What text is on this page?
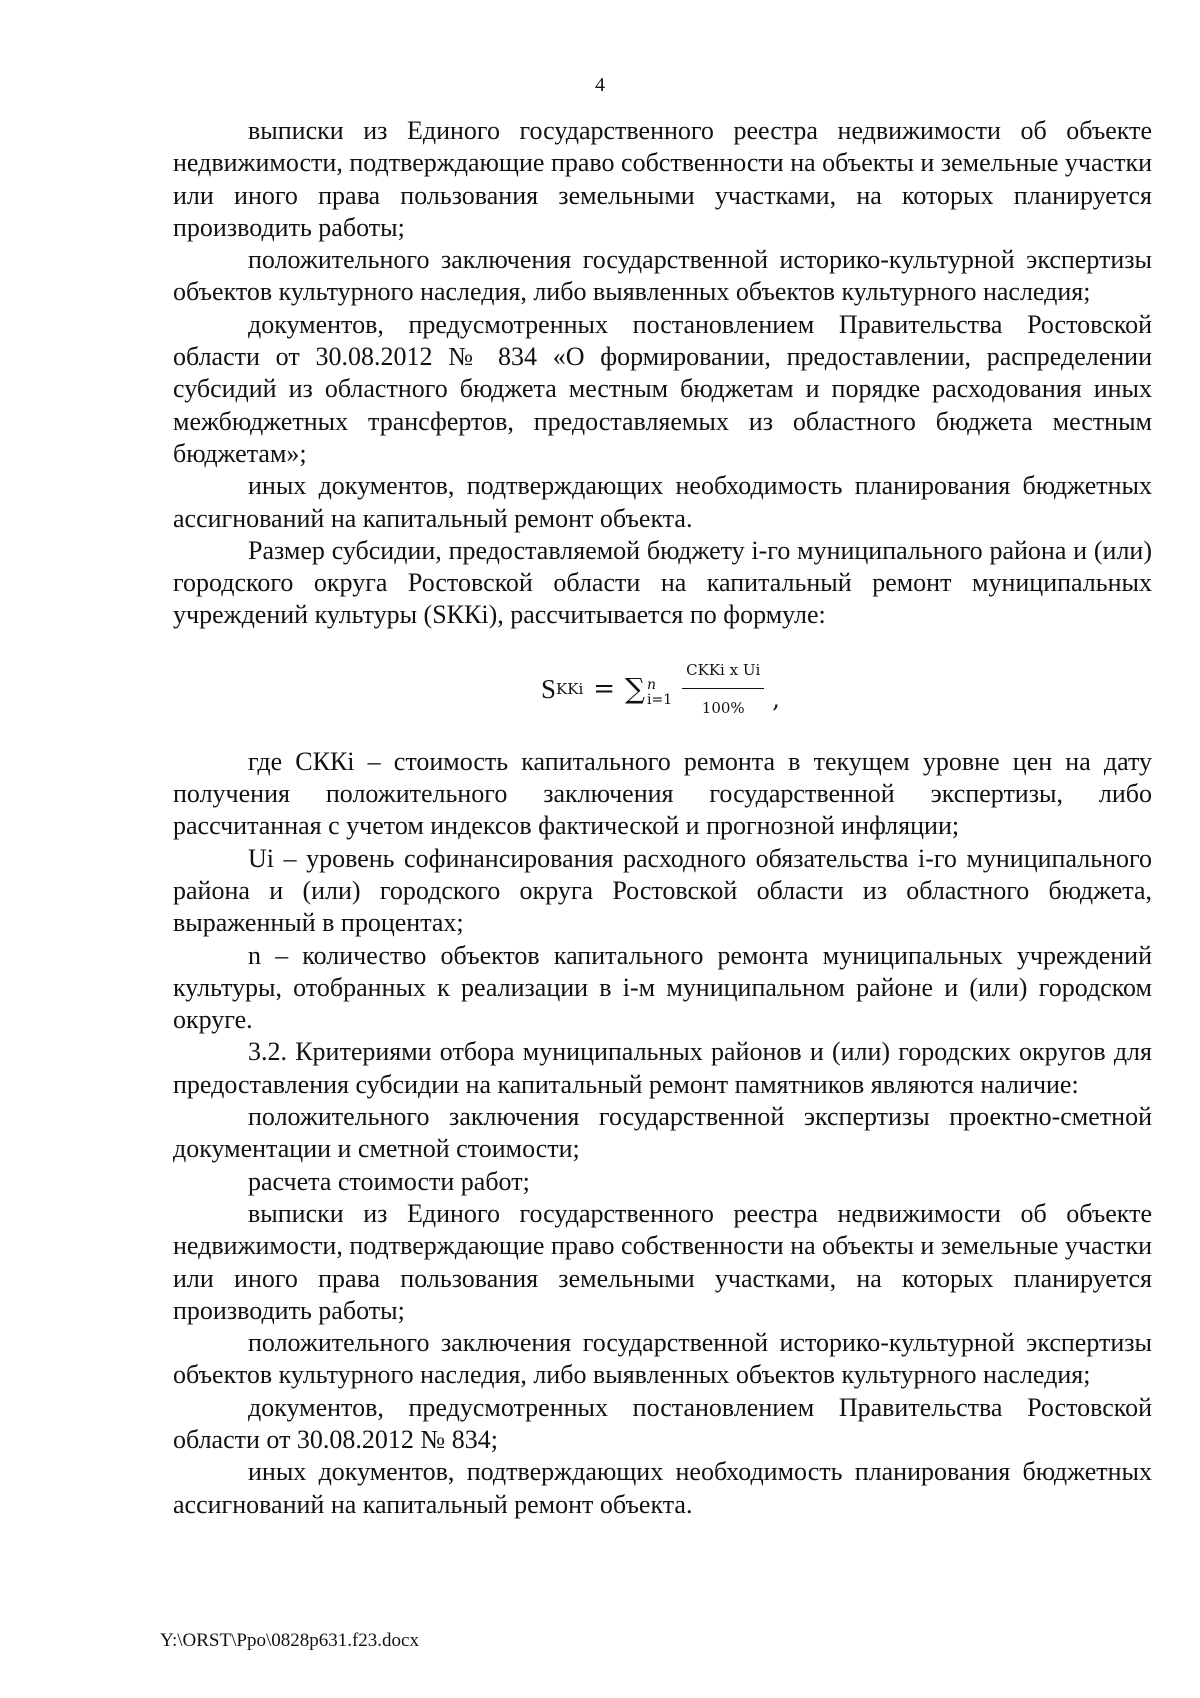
4

выписки из Единого государственного реестра недвижимости об объекте недвижимости, подтверждающие право собственности на объекты и земельные участки или иного права пользования земельными участками, на которых планируется производить работы;

положительного заключения государственной историко-культурной экспертизы объектов культурного наследия, либо выявленных объектов культурного наследия;

документов, предусмотренных постановлением Правительства Ростовской области от 30.08.2012 № 834 «О формировании, предоставлении, распределении субсидий из областного бюджета местным бюджетам и порядке расходования иных межбюджетных трансфертов, предоставляемых из областного бюджета местным бюджетам»;

иных документов, подтверждающих необходимость планирования бюджетных ассигнований на капитальный ремонт объекта.

Размер субсидии, предоставляемой бюджету i-го муниципального района и (или) городского округа Ростовской области на капитальный ремонт муниципальных учреждений культуры (SККi), рассчитывается по формуле:

S KKi = ∑ n
$i=1 \frac{\text{CKKi x Ui}}{100\%}$ ,

где CККi – стоимость капитального ремонта в текущем уровне цен на дату получения положительного заключения государственной экспертизы, либо рассчитанная с учетом индексов фактической и прогнозной инфляции;

Ui – уровень софинансирования расходного обязательства i-го муниципального района и (или) городского округа Ростовской области из областного бюджета, выраженный в процентах;

n – количество объектов капитального ремонта муниципальных учреждений культуры, отобранных к реализации в i-м муниципальном районе и (или) городском округе.

3.2. Критериями отбора муниципальных районов и (или) городских округов для предоставления субсидии на капитальный ремонт памятников являются наличие:

положительного заключения государственной экспертизы проектно-сметной документации и сметной стоимости;

расчета стоимости работ;

выписки из Единого государственного реестра недвижимости об объекте недвижимости, подтверждающие право собственности на объекты и земельные участки или иного права пользования земельными участками, на которых планируется производить работы;

положительного заключения государственной историко-культурной экспертизы объектов культурного наследия, либо выявленных объектов культурного наследия;

документов, предусмотренных постановлением Правительства Ростовской области от 30.08.2012 № 834;

иных документов, подтверждающих необходимость планирования бюджетных ассигнований на капитальный ремонт объекта.

Y:\ORST\Ppo\0828p631.f23.docx
